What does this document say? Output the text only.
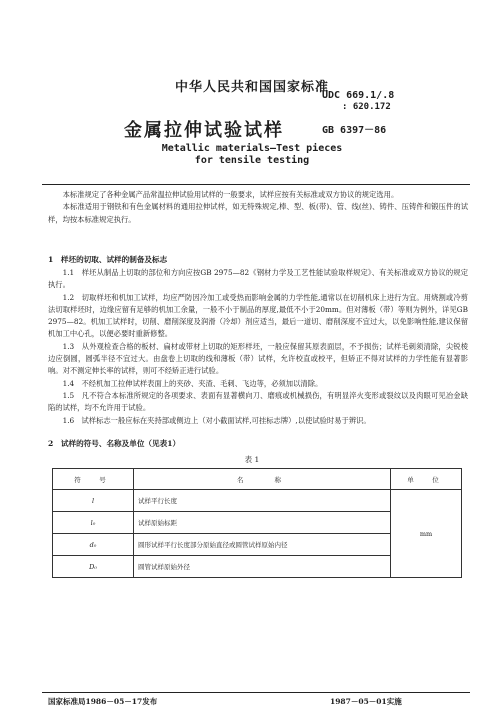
中华人民共和国国家标准
UDC 669.1/.8
: 620.172
金属拉伸试验试样	GB 6397－86
Metallic materials—Test pieces
for tensile testing

本标准规定了各种金属产品常温拉伸试验用试样的一般要求，试样应按有关标准或双方协议的规定选用。

本标准适用于钢铁和有色金属材料的通用拉伸试样，如无特殊规定,棒、型、板(带)、管、线(丝)、铸件、压铸件和锻压件的试样，均按本标准规定执行。

1　样坯的切取、试样的制备及标志

1.1　样坯从制品上切取的部位和方向应按GB 2975—82《钢材力学及工艺性能试验取样规定》、有关标准或双方协议的规定执行。

1.2　切取样坯和机加工试样，均应严防因冷加工或受热而影响金属的力学性能,通常以在切削机床上进行为宜。用烧割或冷剪法切取样坯时，边缘应留有足够的机加工余量，一般不小于制品的厚度,最低不小于20mm。但对薄板（带）等则为例外，详见GB 2975—82。机加工试样时，切削、磨削深度及润滑（冷却）剂应适当，最后一道切、磨削深度不宜过大，以免影响性能,建议保留机加工中心孔，以便必要时重新修整。

1.3　从外观检查合格的板材、扁材或带材上切取的矩形样坯，一般应保留其原表面层，不予损伤；试样毛刺须清除，尖锐棱边应倒圆，圆弧半径不宜过大。由盘卷上切取的线和薄板（带）试样，允许校直或校平，但矫正不得对试样的力学性能有显著影响。对不测定伸长率的试样，则可不经矫正进行试验。

1.4　不经机加工拉伸试样表面上的夹砂、夹渣、毛刺、飞边等，必须加以清除。

1.5　凡不符合本标准所规定的各项要求、表面有显著横向刀、磨痕或机械损伤，有明显淬火变形或裂纹以及肉眼可见冶金缺陷的试样，均不允许用于试验。

1.6　试样标志一般应标在夹持部或侧边上（对小截面试样,可挂标志牌）,以使试验时易于辨识。

2　试样的符号、名称及单位（见表1）
表 1
符　号	名　　称	单　位
l	试样平行长度	mm
l₀	试样原始标距	
d₀	圆形试样平行长度部分原始直径或圆管试样原始内径	
D₀	圆管试样原始外径	
国家标准局1986－05－17发布	1987－05－01实施
